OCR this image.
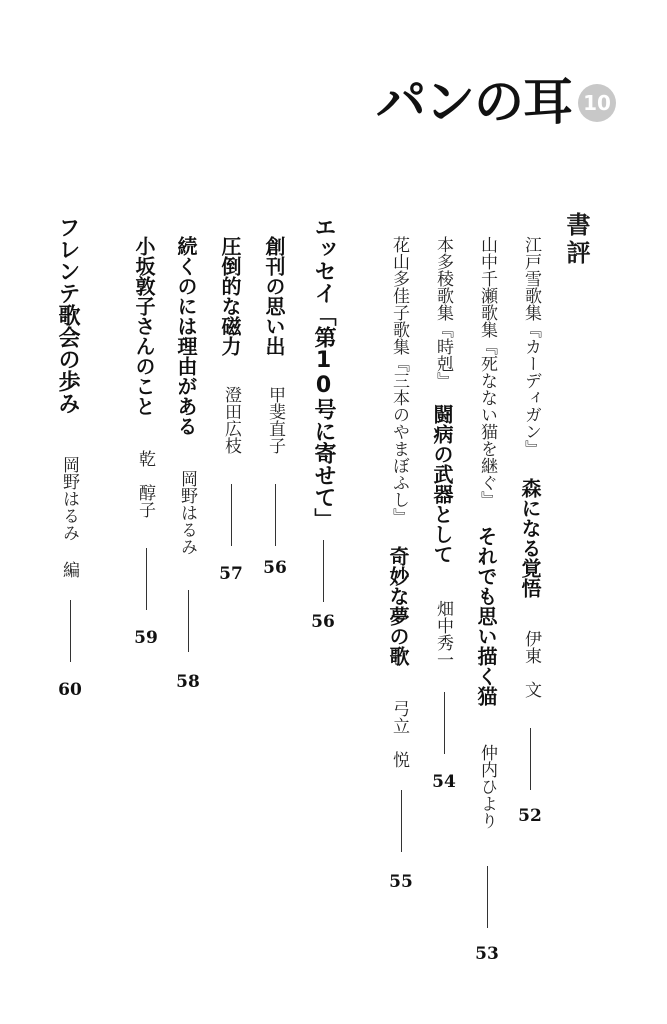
パンの耳 10
書評
江戸雪歌集『カーディガン』
森になる覚悟
伊東　文
52
山中千瀬歌集『死なない猫を継ぐ』
それでも思い描く猫
仲内ひより
53
本多稜歌集『時剋』
闘病の武器として
畑中秀一
54
花山多佳子歌集『三本のやまぼふし』
奇妙な夢の歌
弓立　悦
55
エッセイ「第10号に寄せて」
56
創刊の思い出
甲斐直子
56
圧倒的な磁力
澄田広枝
57
続くのには理由がある
岡野はるみ
58
小坂敦子さんのこと
乾　醇子
59
フレンテ歌会の歩み
岡野はるみ 編
60
